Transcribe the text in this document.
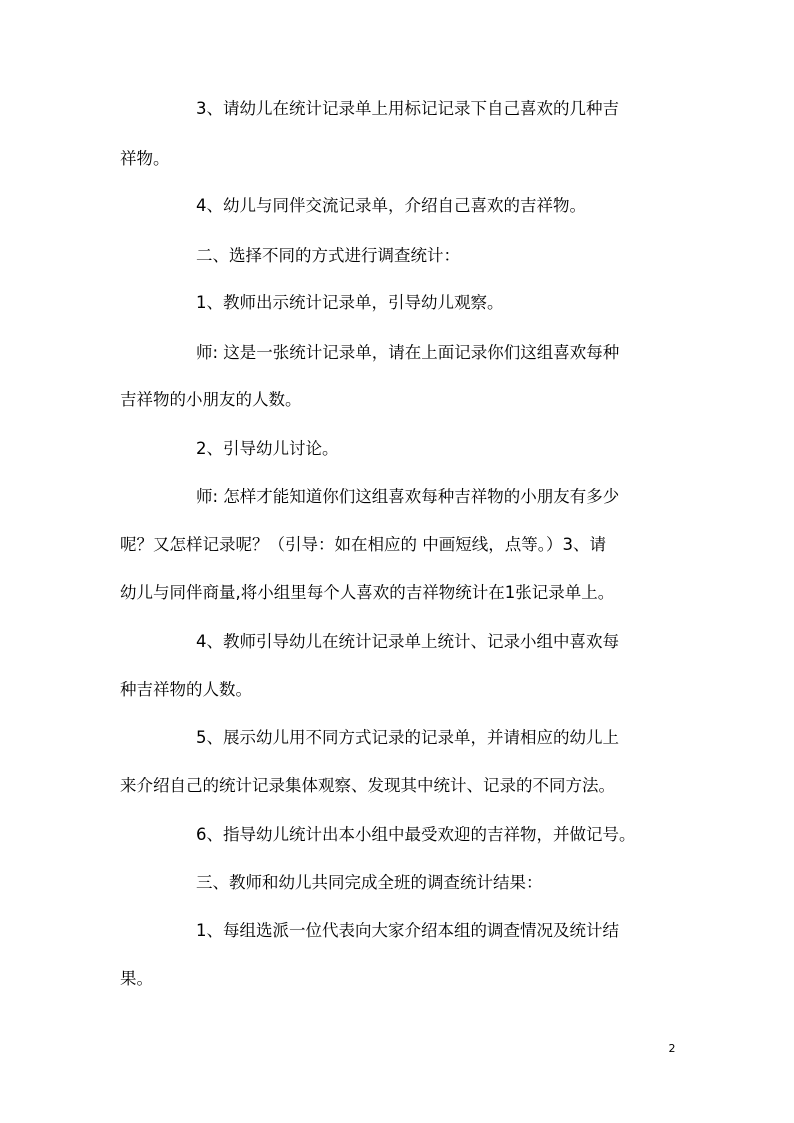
3、请幼儿在统计记录单上用标记记录下自己喜欢的几种吉
祥物。
4、幼儿与同伴交流记录单，介绍自己喜欢的吉祥物。
二、选择不同的方式进行调查统计：
1、教师出示统计记录单，引导幼儿观察。
师: 这是一张统计记录单，请在上面记录你们这组喜欢每种
吉祥物的小朋友的人数。
2、引导幼儿讨论。
师: 怎样才能知道你们这组喜欢每种吉祥物的小朋友有多少
呢？又怎样记录呢？（引导：如在相应的 中画短线，点等。）3、请
幼儿与同伴商量,将小组里每个人喜欢的吉祥物统计在1张记录单上。
4、教师引导幼儿在统计记录单上统计、记录小组中喜欢每
种吉祥物的人数。
5、展示幼儿用不同方式记录的记录单，并请相应的幼儿上
来介绍自己的统计记录集体观察、发现其中统计、记录的不同方法。
6、指导幼儿统计出本小组中最受欢迎的吉祥物，并做记号。
三、教师和幼儿共同完成全班的调查统计结果：
1、每组选派一位代表向大家介绍本组的调查情况及统计结
果。
2
